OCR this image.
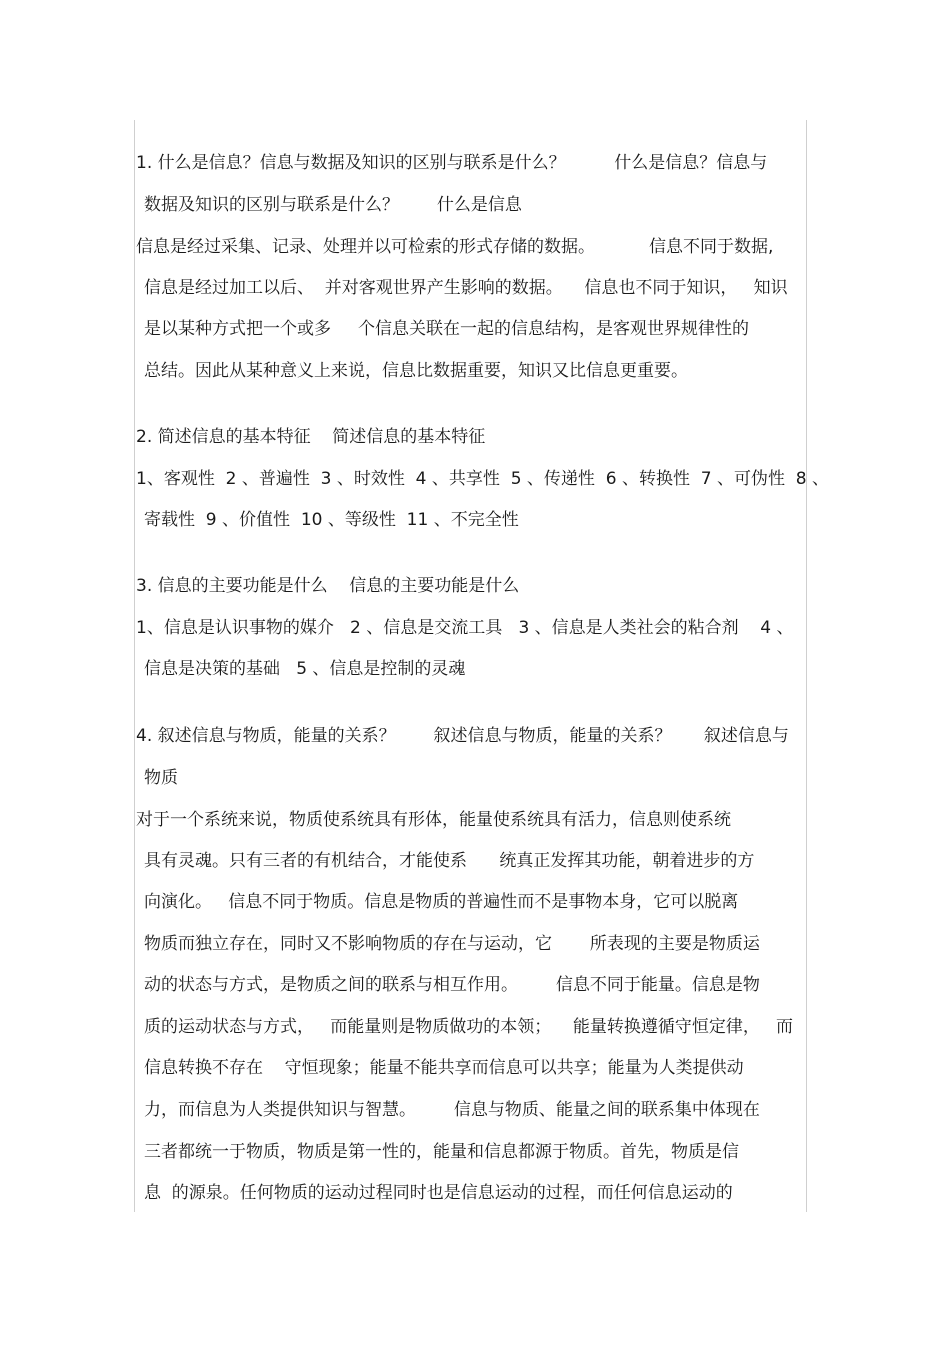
1. 什么是信息？信息与数据及知识的区别与联系是什么？         什么是信息？信息与
数据及知识的区别与联系是什么？       什么是信息
信息是经过采集、记录、处理并以可检索的形式存储的数据。          信息不同于数据,
信息是经过加工以后、  并对客观世界产生影响的数据。    信息也不同于知识，   知识
是以某种方式把一个或多     个信息关联在一起的信息结构，是客观世界规律性的
总结。因此从某种意义上来说，信息比数据重要，知识又比信息更重要。
2. 简述信息的基本特征    简述信息的基本特征
1、客观性  2 、普遍性  3 、时效性  4 、共享性  5 、传递性  6 、转换性  7 、可伪性  8 、
寄载性  9 、价值性  10 、等级性  11 、不完全性
3. 信息的主要功能是什么    信息的主要功能是什么
1、信息是认识事物的媒介   2 、信息是交流工具   3 、信息是人类社会的粘合剂    4 、
信息是决策的基础   5 、信息是控制的灵魂
4. 叙述信息与物质，能量的关系？       叙述信息与物质，能量的关系？      叙述信息与
物质
对于一个系统来说，物质使系统具有形体，能量使系统具有活力，信息则使系统
具有灵魂。只有三者的有机结合，才能使系      统真正发挥其功能，朝着进步的方
向演化。   信息不同于物质。信息是物质的普遍性而不是事物本身，它可以脱离
物质而独立存在，同时又不影响物质的存在与运动，它       所表现的主要是物质运
动的状态与方式，是物质之间的联系与相互作用。       信息不同于能量。信息是物
质的运动状态与方式，   而能量则是物质做功的本领；    能量转换遵循守恒定律，   而
信息转换不存在    守恒现象；能量不能共享而信息可以共享；能量为人类提供动
力，而信息为人类提供知识与智慧。       信息与物质、能量之间的联系集中体现在
三者都统一于物质，物质是第一性的，能量和信息都源于物质。首先，物质是信
息  的源泉。任何物质的运动过程同时也是信息运动的过程，而任何信息运动的
